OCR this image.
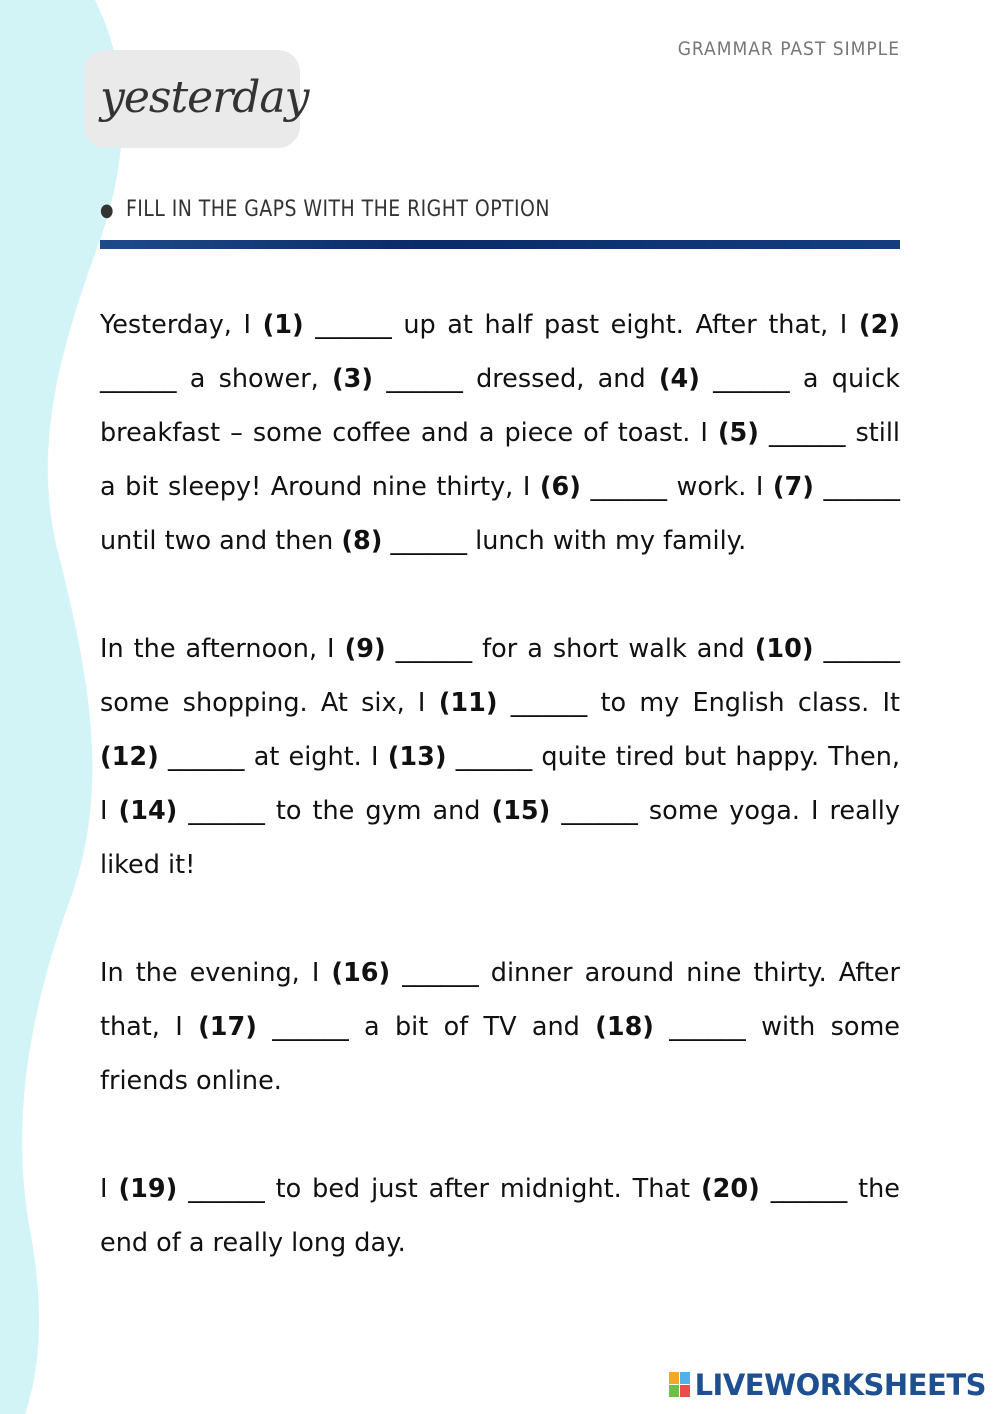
GRAMMAR PAST SIMPLE
yesterday
● FILL IN THE GAPS WITH THE RIGHT OPTION

Yesterday, I (1) ______ up at half past eight. After that, I (2) ______ a shower, (3) ______ dressed, and (4) ______ a quick breakfast – some coffee and a piece of toast. I (5) ______ still a bit sleepy! Around nine thirty, I (6) ______ work. I (7) ______ until two and then (8) ______ lunch with my family.

In the afternoon, I (9) ______ for a short walk and (10) ______ some shopping. At six, I (11) ______ to my English class. It (12) ______ at eight. I (13) ______ quite tired but happy. Then, I (14) ______ to the gym and (15) ______ some yoga. I really liked it!

In the evening, I (16) ______ dinner around nine thirty. After that, I (17) ______ a bit of TV and (18) ______ with some friends online.

I (19) ______ to bed just after midnight. That (20) ______ the end of a really long day.

LIVEWORKSHEETS
